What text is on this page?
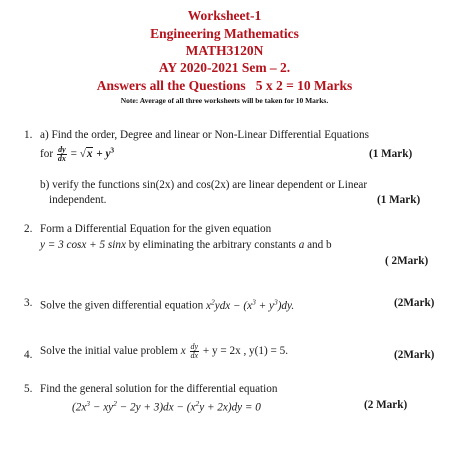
Worksheet-1
Engineering Mathematics
MATH3120N
AY 2020-2021 Sem – 2.
Answers all the Questions   5 x 2 = 10 Marks
Note: Average of all three worksheets will be taken for 10 Marks.
1. a) Find the order, Degree and linear or Non-Linear Differential Equations
for $\frac{dy}{dx} = √x + y^3$	(1 Mark)
b) verify the functions sin(2x) and cos(2x) are linear dependent or Linear
independent.	(1 Mark)
2. Form a Differential Equation for the given equation
y = 3 cosx + 5 sinx by eliminating the arbitrary constants a and b
( 2Mark)
3. Solve the given differential equation $x^2ydx - (x^3 + y^3)dy$.	(2Mark)
4. Solve the initial value problem x $\frac{dy}{dx} + y = 2x$ , y(1) = 5.	(2Mark)
5. Find the general solution for the differential equation
$(2x^3 - xy^2 - 2y + 3)dx - (x^2y + 2x)dy = 0$	(2 Mark)
